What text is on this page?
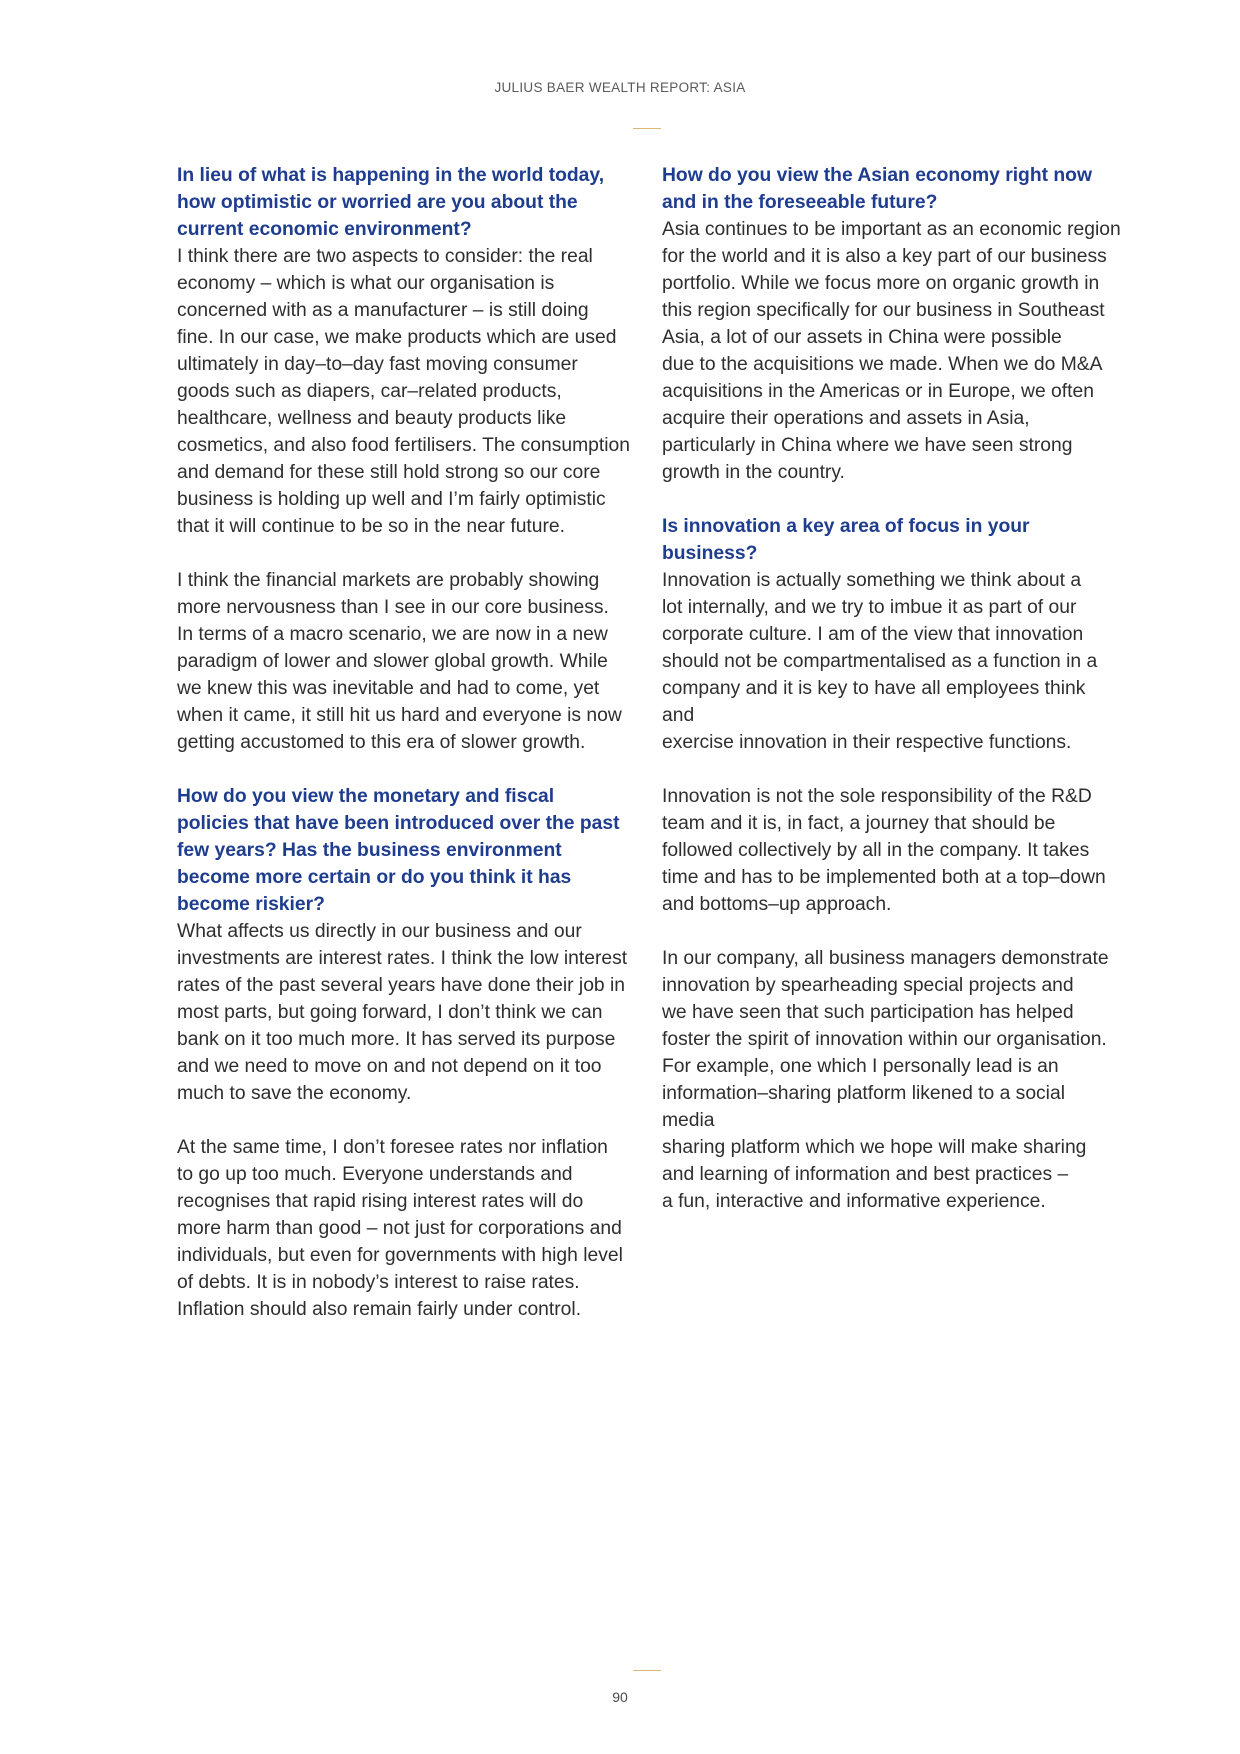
JULIUS BAER WEALTH REPORT: ASIA
In lieu of what is happening in the world today,
how optimistic or worried are you about the
current economic environment?

I think there are two aspects to consider: the real
economy – which is what our organisation is
concerned with as a manufacturer – is still doing
fine. In our case, we make products which are used
ultimately in day–to–day fast moving consumer
goods such as diapers, car–related products,
healthcare, wellness and beauty products like
cosmetics, and also food fertilisers. The consumption
and demand for these still hold strong so our core
business is holding up well and I’m fairly optimistic
that it will continue to be so in the near future.

I think the financial markets are probably showing
more nervousness than I see in our core business.
In terms of a macro scenario, we are now in a new
paradigm of lower and slower global growth. While
we knew this was inevitable and had to come, yet
when it came, it still hit us hard and everyone is now
getting accustomed to this era of slower growth.

How do you view the monetary and fiscal
policies that have been introduced over the past
few years? Has the business environment
become more certain or do you think it has
become riskier?

What affects us directly in our business and our
investments are interest rates. I think the low interest
rates of the past several years have done their job in
most parts, but going forward, I don’t think we can
bank on it too much more. It has served its purpose
and we need to move on and not depend on it too
much to save the economy.

At the same time, I don’t foresee rates nor inflation
to go up too much. Everyone understands and
recognises that rapid rising interest rates will do
more harm than good – not just for corporations and
individuals, but even for governments with high level
of debts. It is in nobody’s interest to raise rates.
Inflation should also remain fairly under control.

How do you view the Asian economy right now
and in the foreseeable future?

Asia continues to be important as an economic region
for the world and it is also a key part of our business
portfolio. While we focus more on organic growth in
this region specifically for our business in Southeast
Asia, a lot of our assets in China were possible
due to the acquisitions we made. When we do M&A
acquisitions in the Americas or in Europe, we often
acquire their operations and assets in Asia,
particularly in China where we have seen strong
growth in the country.

Is innovation a key area of focus in your business?

Innovation is actually something we think about a
lot internally, and we try to imbue it as part of our
corporate culture. I am of the view that innovation
should not be compartmentalised as a function in a
company and it is key to have all employees think and
exercise innovation in their respective functions.

Innovation is not the sole responsibility of the R&D
team and it is, in fact, a journey that should be
followed collectively by all in the company. It takes
time and has to be implemented both at a top–down
and bottoms–up approach.

In our company, all business managers demonstrate
innovation by spearheading special projects and
we have seen that such participation has helped
foster the spirit of innovation within our organisation.
For example, one which I personally lead is an
information–sharing platform likened to a social media
sharing platform which we hope will make sharing
and learning of information and best practices –
a fun, interactive and informative experience.

90
